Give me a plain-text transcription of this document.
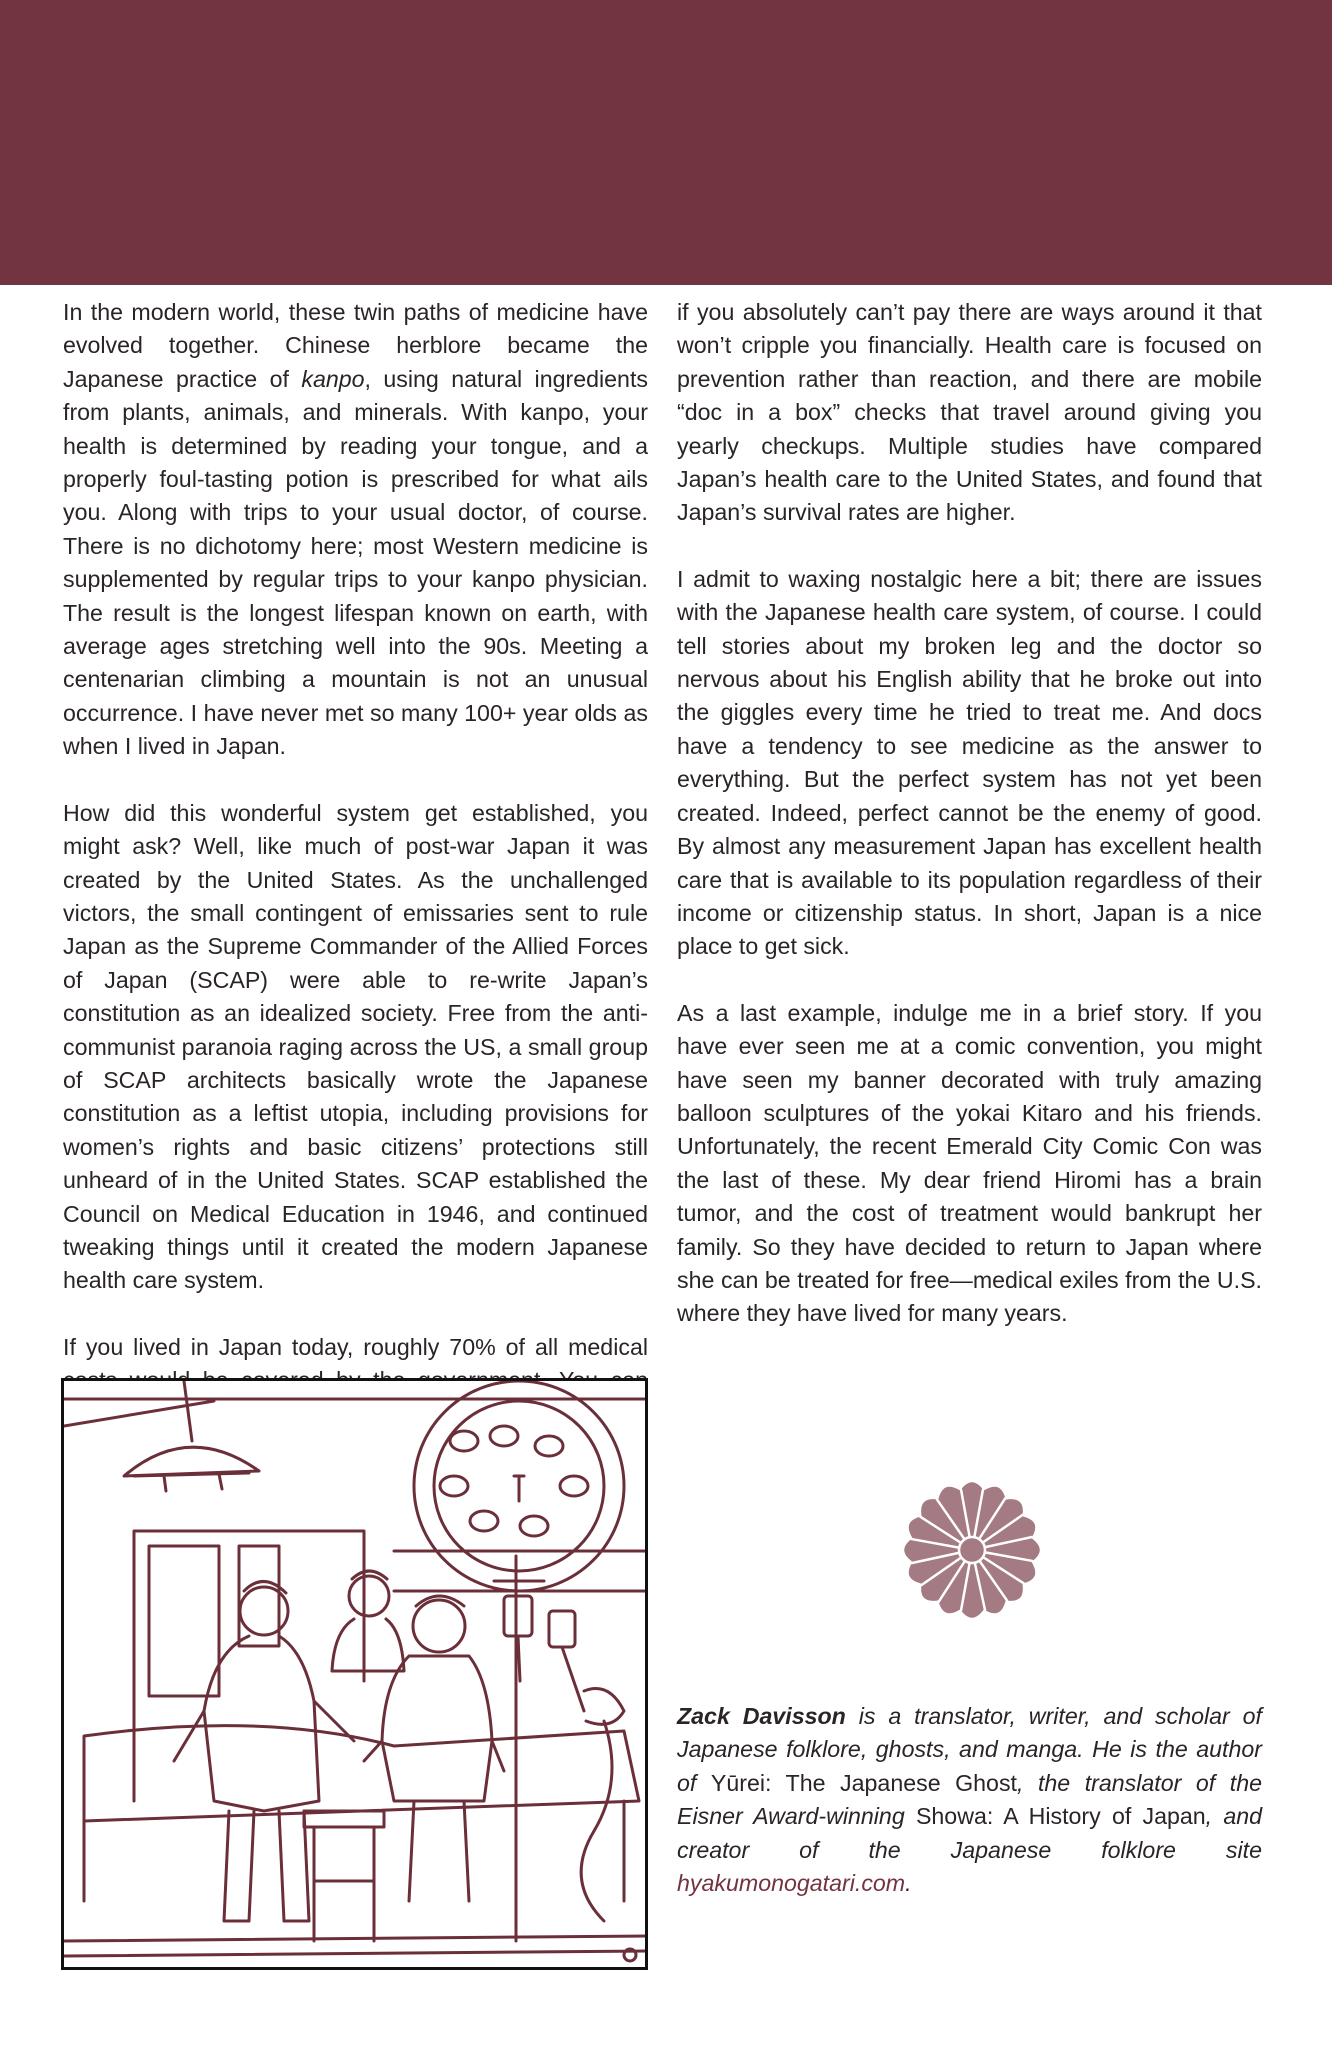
In the modern world, these twin paths of medicine have evolved together. Chinese herblore became the Japanese practice of kanpo, using natural ingredients from plants, animals, and minerals. With kanpo, your health is determined by reading your tongue, and a properly foul-tasting potion is prescribed for what ails you. Along with trips to your usual doctor, of course. There is no dichotomy here; most Western medicine is supplemented by regular trips to your kanpo physician. The result is the longest lifespan known on earth, with average ages stretching well into the 90s. Meeting a centenarian climbing a mountain is not an unusual occurrence. I have never met so many 100+ year olds as when I lived in Japan.

How did this wonderful system get established, you might ask? Well, like much of post-war Japan it was created by the United States. As the unchallenged victors, the small contingent of emissaries sent to rule Japan as the Supreme Commander of the Allied Forces of Japan (SCAP) were able to re-write Japan’s constitution as an idealized society. Free from the anti-communist paranoia raging across the US, a small group of SCAP architects basically wrote the Japanese constitution as a leftist utopia, including provisions for women’s rights and basic citizens’ protections still unheard of in the United States. SCAP established the Council on Medical Education in 1946, and continued tweaking things until it created the modern Japanese health care system.

If you lived in Japan today, roughly 70% of all medical

if you absolutely can’t pay there are ways around it that won’t cripple you financially. Health care is focused on prevention rather than reaction, and there are mobile “doc in a box” checks that travel around giving you yearly checkups. Multiple studies have compared Japan’s health care to the United States, and found that Japan’s survival rates are higher.

I admit to waxing nostalgic here a bit; there are issues with the Japanese health care system, of course. I could tell stories about my broken leg and the doctor so nervous about his English ability that he broke out into the giggles every time he tried to treat me. And docs have a tendency to see medicine as the answer to everything. But the perfect system has not yet been created. Indeed, perfect cannot be the enemy of good. By almost any measurement Japan has excellent health care that is available to its population regardless of their income or citizenship status. In short, Japan is a nice place to get sick.

As a last example, indulge me in a brief story. If you have ever seen me at a comic convention, you might have seen my banner decorated with truly amazing balloon sculptures of the yokai Kitaro and his friends. Unfortunately, the recent Emerald City Comic Con was the last of these. My dear friend Hiromi has a brain tumor, and the cost of treatment would bankrupt her family. So they have decided to return to Japan where she can be treated for free—medical exiles from the U.S. where they have lived for many years.

Zack Davisson is a translator, writer, and scholar of Japanese folklore, ghosts, and manga. He is the author of Yūrei: The Japanese Ghost, the translator of the Eisner Award-winning Showa: A History of Japan, and creator of the Japanese folklore site hyakumonogatari.com.
